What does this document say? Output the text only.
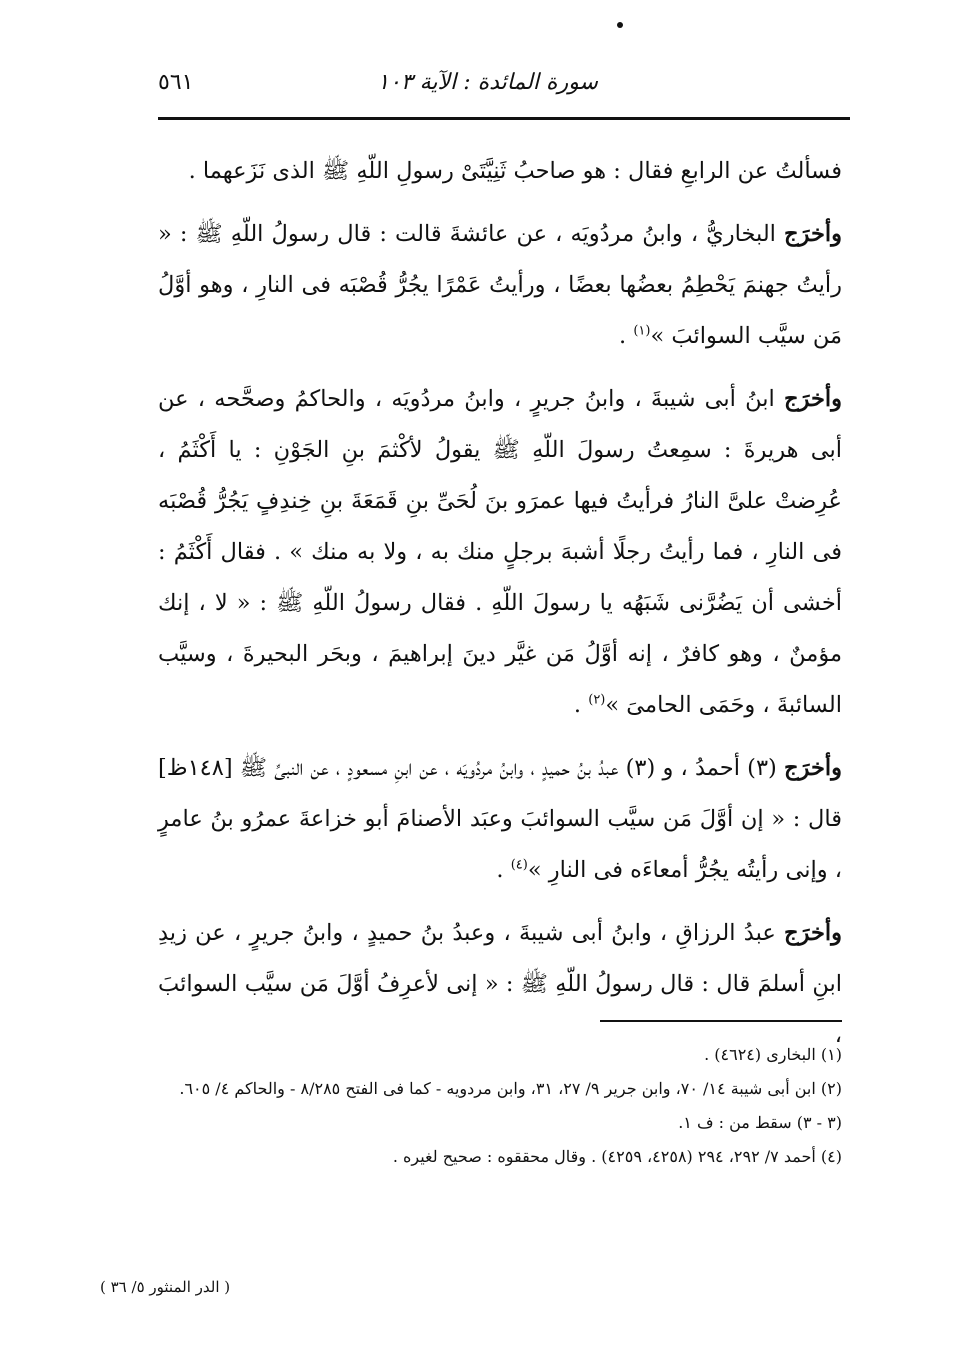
سورة المائدة : الآية ١٠٣
٥٦١

فسألتُ عن الرابعِ فقال : هو صاحبُ ثَنِيَّتَىْ رسولِ اللّهِ ﷺ الذى نَزَعهما .

وأخرَج البخاريُّ ، وابنُ مردُويَه ، عن عائشةَ قالت : قال رسولُ اللّهِ ﷺ : « رأيتُ جهنمَ يَحْطِمُ بعضُها بعضًا ، ورأيتُ عَمْرًا يجُرُّ قُصْبَه فى النارِ ، وهو أوَّلُ مَن سيَّب السوائبَ »$^{(١)}$ .

وأخرَج ابنُ أبى شيبةَ ، وابنُ جريرٍ ، وابنُ مردُويَه ، والحاكمُ وصحَّحه ، عن أبى هريرةَ : سمِعتُ رسولَ اللّهِ ﷺ يقولُ لأكْثمَ بنِ الجَوْنِ : يا أَكْثَمُ ، عُرِضتْ علىَّ النارُ فرأيتُ فيها عمرَو بنَ لُحَىِّ بنِ قَمَعَةَ بنِ خِندِفٍ يَجُرُّ قُصْبَه فى النارِ ، فما رأيتُ رجلًا أشبهَ برجلٍ منك به ، ولا به منك » . فقال أَكْثَمُ : أخشى أن يَضُرَّنى شَبَهُه يا رسولَ اللّهِ . فقال رسولُ اللّهِ ﷺ : « لا ، إنك مؤمنٌ ، وهو كافرٌ ، إنه أوَّلُ مَن غيَّر دينَ إبراهيمَ ، وبحَر البحيرةَ ، وسيَّب السائبةَ ، وحَمَى الحامىَ »$^{(٢)}$ .

وأخرَج (٣) أحمدُ ، و (٣) عبدُ بنُ حميدٍ ، وابنُ مردُويَه ، عن ابنِ مسعودٍ ، عن النبىِّ ﷺ [١٤٨ظ] قال : « إن أوَّلَ مَن سيَّب السوائبَ وعبَد الأصنامَ أبو خزاعةَ عمرُو بنُ عامرٍ ، وإنى رأيتُه يجُرُّ أمعاءَه فى النارِ »$^{(٤)}$ .

وأخرَج عبدُ الرزاقِ ، وابنُ أبى شيبةَ ، وعبدُ بنُ حميدٍ ، وابنُ جريرٍ ، عن زيدِ ابنِ أسلمَ قال : قال رسولُ اللّهِ ﷺ : « إنى لأعرِفُ أوَّلَ مَن سيَّب السوائبَ ،

(١) البخارى (٤٦٢٤) .

(٢) ابن أبى شيبة ١٤/ ٧٠، وابن جرير ٩/ ٢٧، ٣١، وابن مردويه - كما فى الفتح ٨/٢٨٥ - والحاكم ٤/ ٦٠٥.

(٣ - ٣) سقط من : ف ١.

(٤) أحمد ٧/ ٢٩٢، ٢٩٤ (٤٢٥٨، ٤٢٥٩) . وقال محققوه : صحيح لغيره .

( الدر المنثور ٥/ ٣٦ )
